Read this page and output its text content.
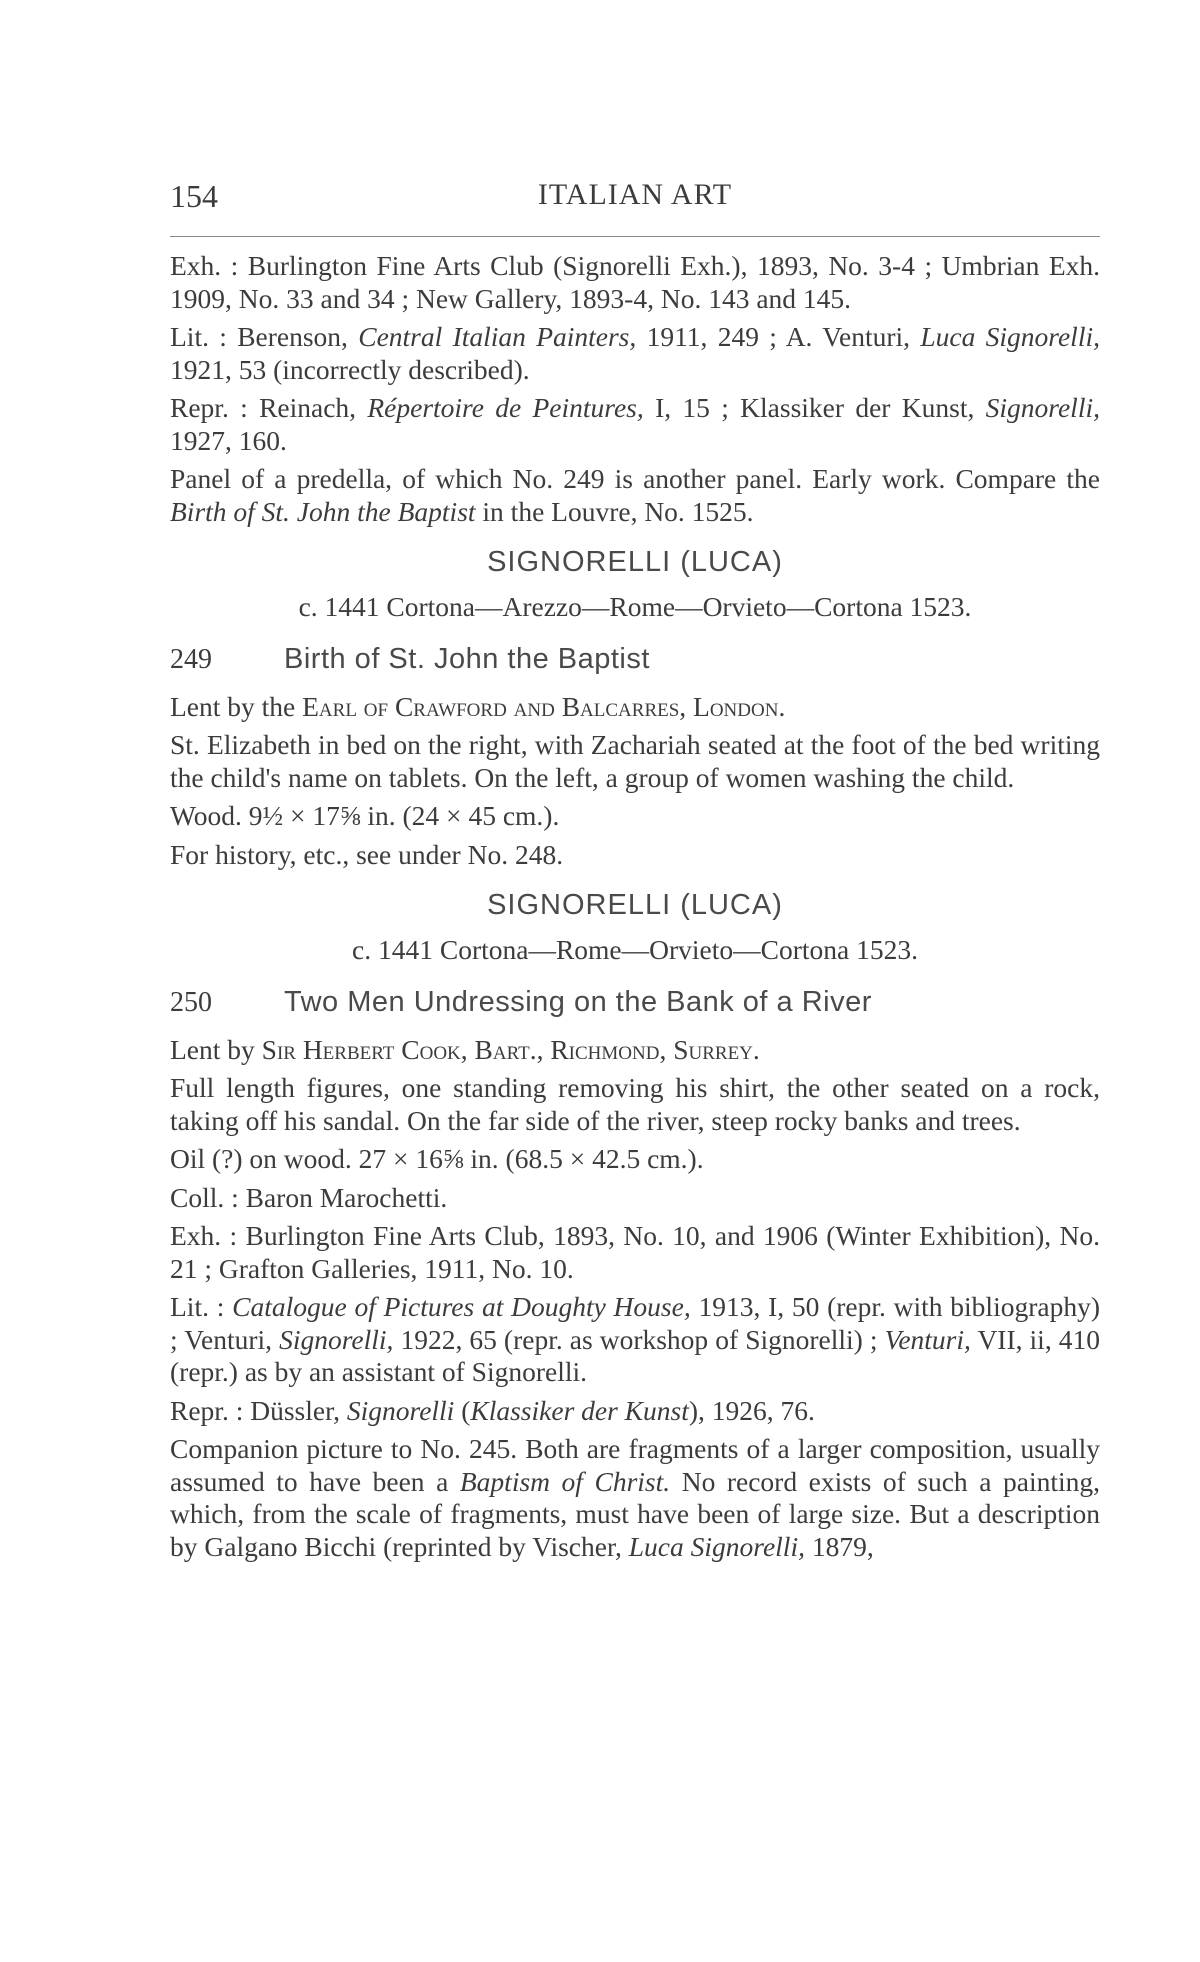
154	ITALIAN ART

Exh. : Burlington Fine Arts Club (Signorelli Exh.), 1893, No. 3-4 ; Umbrian Exh. 1909, No. 33 and 34 ; New Gallery, 1893-4, No. 143 and 145.

Lit. : Berenson, Central Italian Painters, 1911, 249 ; A. Venturi, Luca Signorelli, 1921, 53 (incorrectly described).

Repr. : Reinach, Répertoire de Peintures, I, 15 ; Klassiker der Kunst, Signorelli, 1927, 160.

Panel of a predella, of which No. 249 is another panel. Early work. Compare the Birth of St. John the Baptist in the Louvre, No. 1525.

SIGNORELLI (LUCA)
c. 1441 Cortona—Arezzo—Rome—Orvieto—Cortona 1523.
249	Birth of St. John the Baptist

Lent by the Earl of Crawford and Balcarres, London.

St. Elizabeth in bed on the right, with Zachariah seated at the foot of the bed writing the child's name on tablets. On the left, a group of women washing the child.

Wood. 9½ × 17⅝ in. (24 × 45 cm.).

For history, etc., see under No. 248.

SIGNORELLI (LUCA)
c. 1441 Cortona—Rome—Orvieto—Cortona 1523.
250	Two Men Undressing on the Bank of a River

Lent by Sir Herbert Cook, Bart., Richmond, Surrey.

Full length figures, one standing removing his shirt, the other seated on a rock, taking off his sandal. On the far side of the river, steep rocky banks and trees.

Oil (?) on wood. 27 × 16⅝ in. (68.5 × 42.5 cm.).

Coll. : Baron Marochetti.

Exh. : Burlington Fine Arts Club, 1893, No. 10, and 1906 (Winter Exhibition), No. 21 ; Grafton Galleries, 1911, No. 10.

Lit. : Catalogue of Pictures at Doughty House, 1913, I, 50 (repr. with bibliography) ; Venturi, Signorelli, 1922, 65 (repr. as workshop of Signorelli) ; Venturi, VII, ii, 410 (repr.) as by an assistant of Signorelli.

Repr. : Düssler, Signorelli (Klassiker der Kunst), 1926, 76.

Companion picture to No. 245. Both are fragments of a larger composition, usually assumed to have been a Baptism of Christ. No record exists of such a painting, which, from the scale of fragments, must have been of large size. But a description by Galgano Bicchi (reprinted by Vischer, Luca Signorelli, 1879,
